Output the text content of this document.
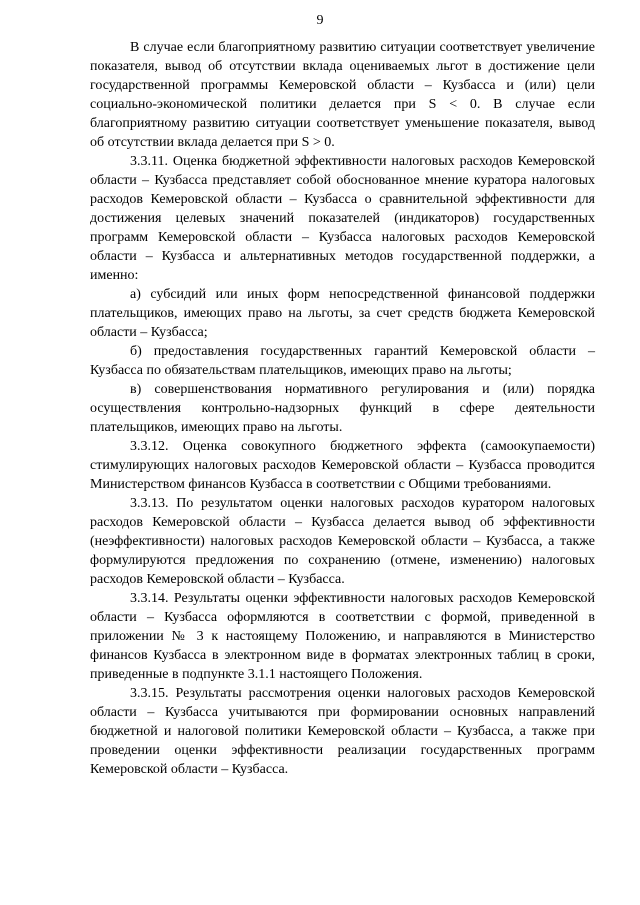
9

В случае если благоприятному развитию ситуации соответствует увеличение показателя, вывод об отсутствии вклада оцениваемых льгот в достижение цели государственной программы Кемеровской области – Кузбасса и (или) цели социально-экономической политики делается при S < 0. В случае если благоприятному развитию ситуации соответствует уменьшение показателя, вывод об отсутствии вклада делается при S > 0.

3.3.11. Оценка бюджетной эффективности налоговых расходов Кемеровской области – Кузбасса представляет собой обоснованное мнение куратора налоговых расходов Кемеровской области – Кузбасса о сравнительной эффективности для достижения целевых значений показателей (индикаторов) государственных программ Кемеровской области – Кузбасса налоговых расходов Кемеровской области – Кузбасса и альтернативных методов государственной поддержки, а именно:

а) субсидий или иных форм непосредственной финансовой поддержки плательщиков, имеющих право на льготы, за счет средств бюджета Кемеровской области – Кузбасса;

б) предоставления государственных гарантий Кемеровской области – Кузбасса по обязательствам плательщиков, имеющих право на льготы;

в) совершенствования нормативного регулирования и (или) порядка осуществления контрольно-надзорных функций в сфере деятельности плательщиков, имеющих право на льготы.

3.3.12. Оценка совокупного бюджетного эффекта (самоокупаемости) стимулирующих налоговых расходов Кемеровской области – Кузбасса проводится Министерством финансов Кузбасса в соответствии с Общими требованиями.

3.3.13. По результатом оценки налоговых расходов куратором налоговых расходов Кемеровской области – Кузбасса делается вывод об эффективности (неэффективности) налоговых расходов Кемеровской области – Кузбасса, а также формулируются предложения по сохранению (отмене, изменению) налоговых расходов Кемеровской области – Кузбасса.

3.3.14. Результаты оценки эффективности налоговых расходов Кемеровской области – Кузбасса оформляются в соответствии с формой, приведенной в приложении № 3 к настоящему Положению, и направляются в Министерство финансов Кузбасса в электронном виде в форматах электронных таблиц в сроки, приведенные в подпункте 3.1.1 настоящего Положения.

3.3.15. Результаты рассмотрения оценки налоговых расходов Кемеровской области – Кузбасса учитываются при формировании основных направлений бюджетной и налоговой политики Кемеровской области – Кузбасса, а также при проведении оценки эффективности реализации государственных программ Кемеровской области – Кузбасса.
